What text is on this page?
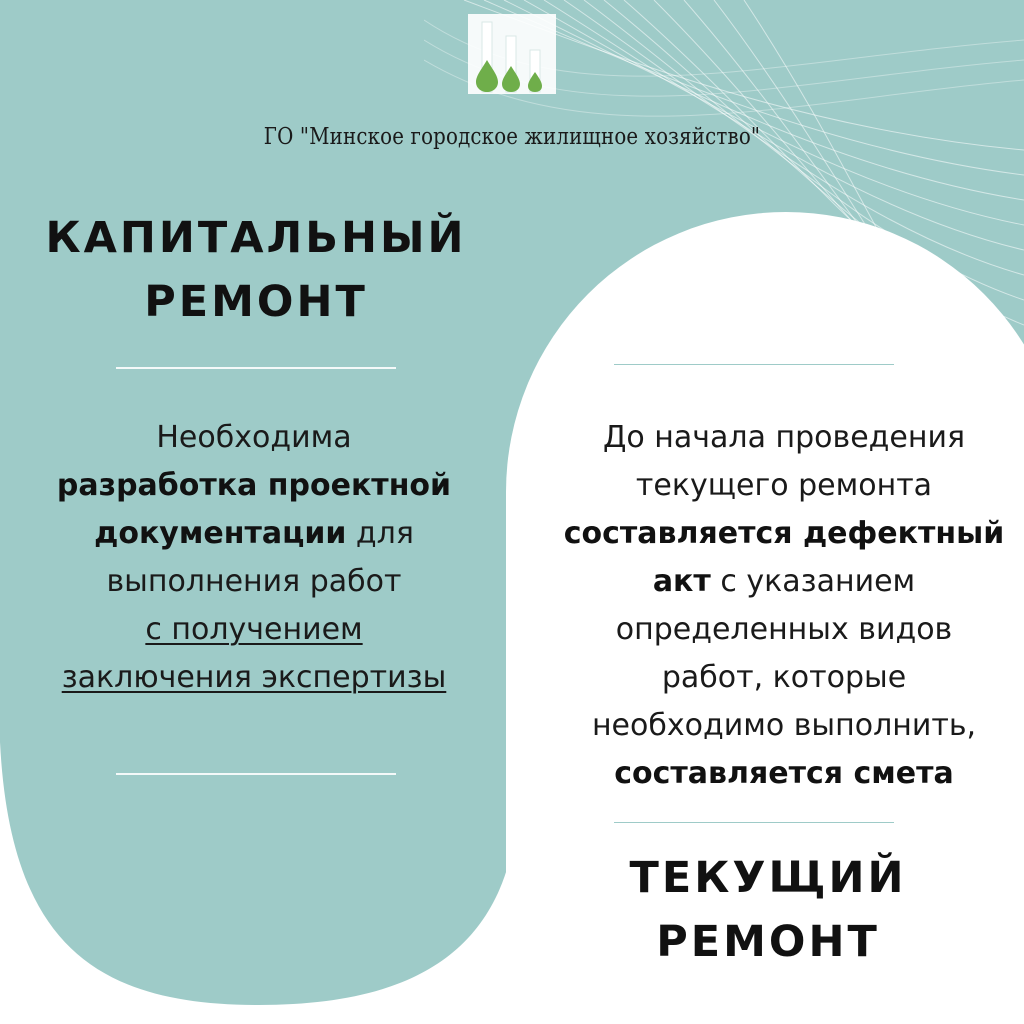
ГО "Минское городское жилищное хозяйство"
КАПИТАЛЬНЫЙ
РЕМОНТ
Необходима
разработка проектной
документации для
выполнения работ
с получением
заключения экспертизы
До начала проведения
текущего ремонта
составляется дефектный
акт с указанием
определенных видов
работ, которые
необходимо выполнить,
составляется смета
ТЕКУЩИЙ
РЕМОНТ
